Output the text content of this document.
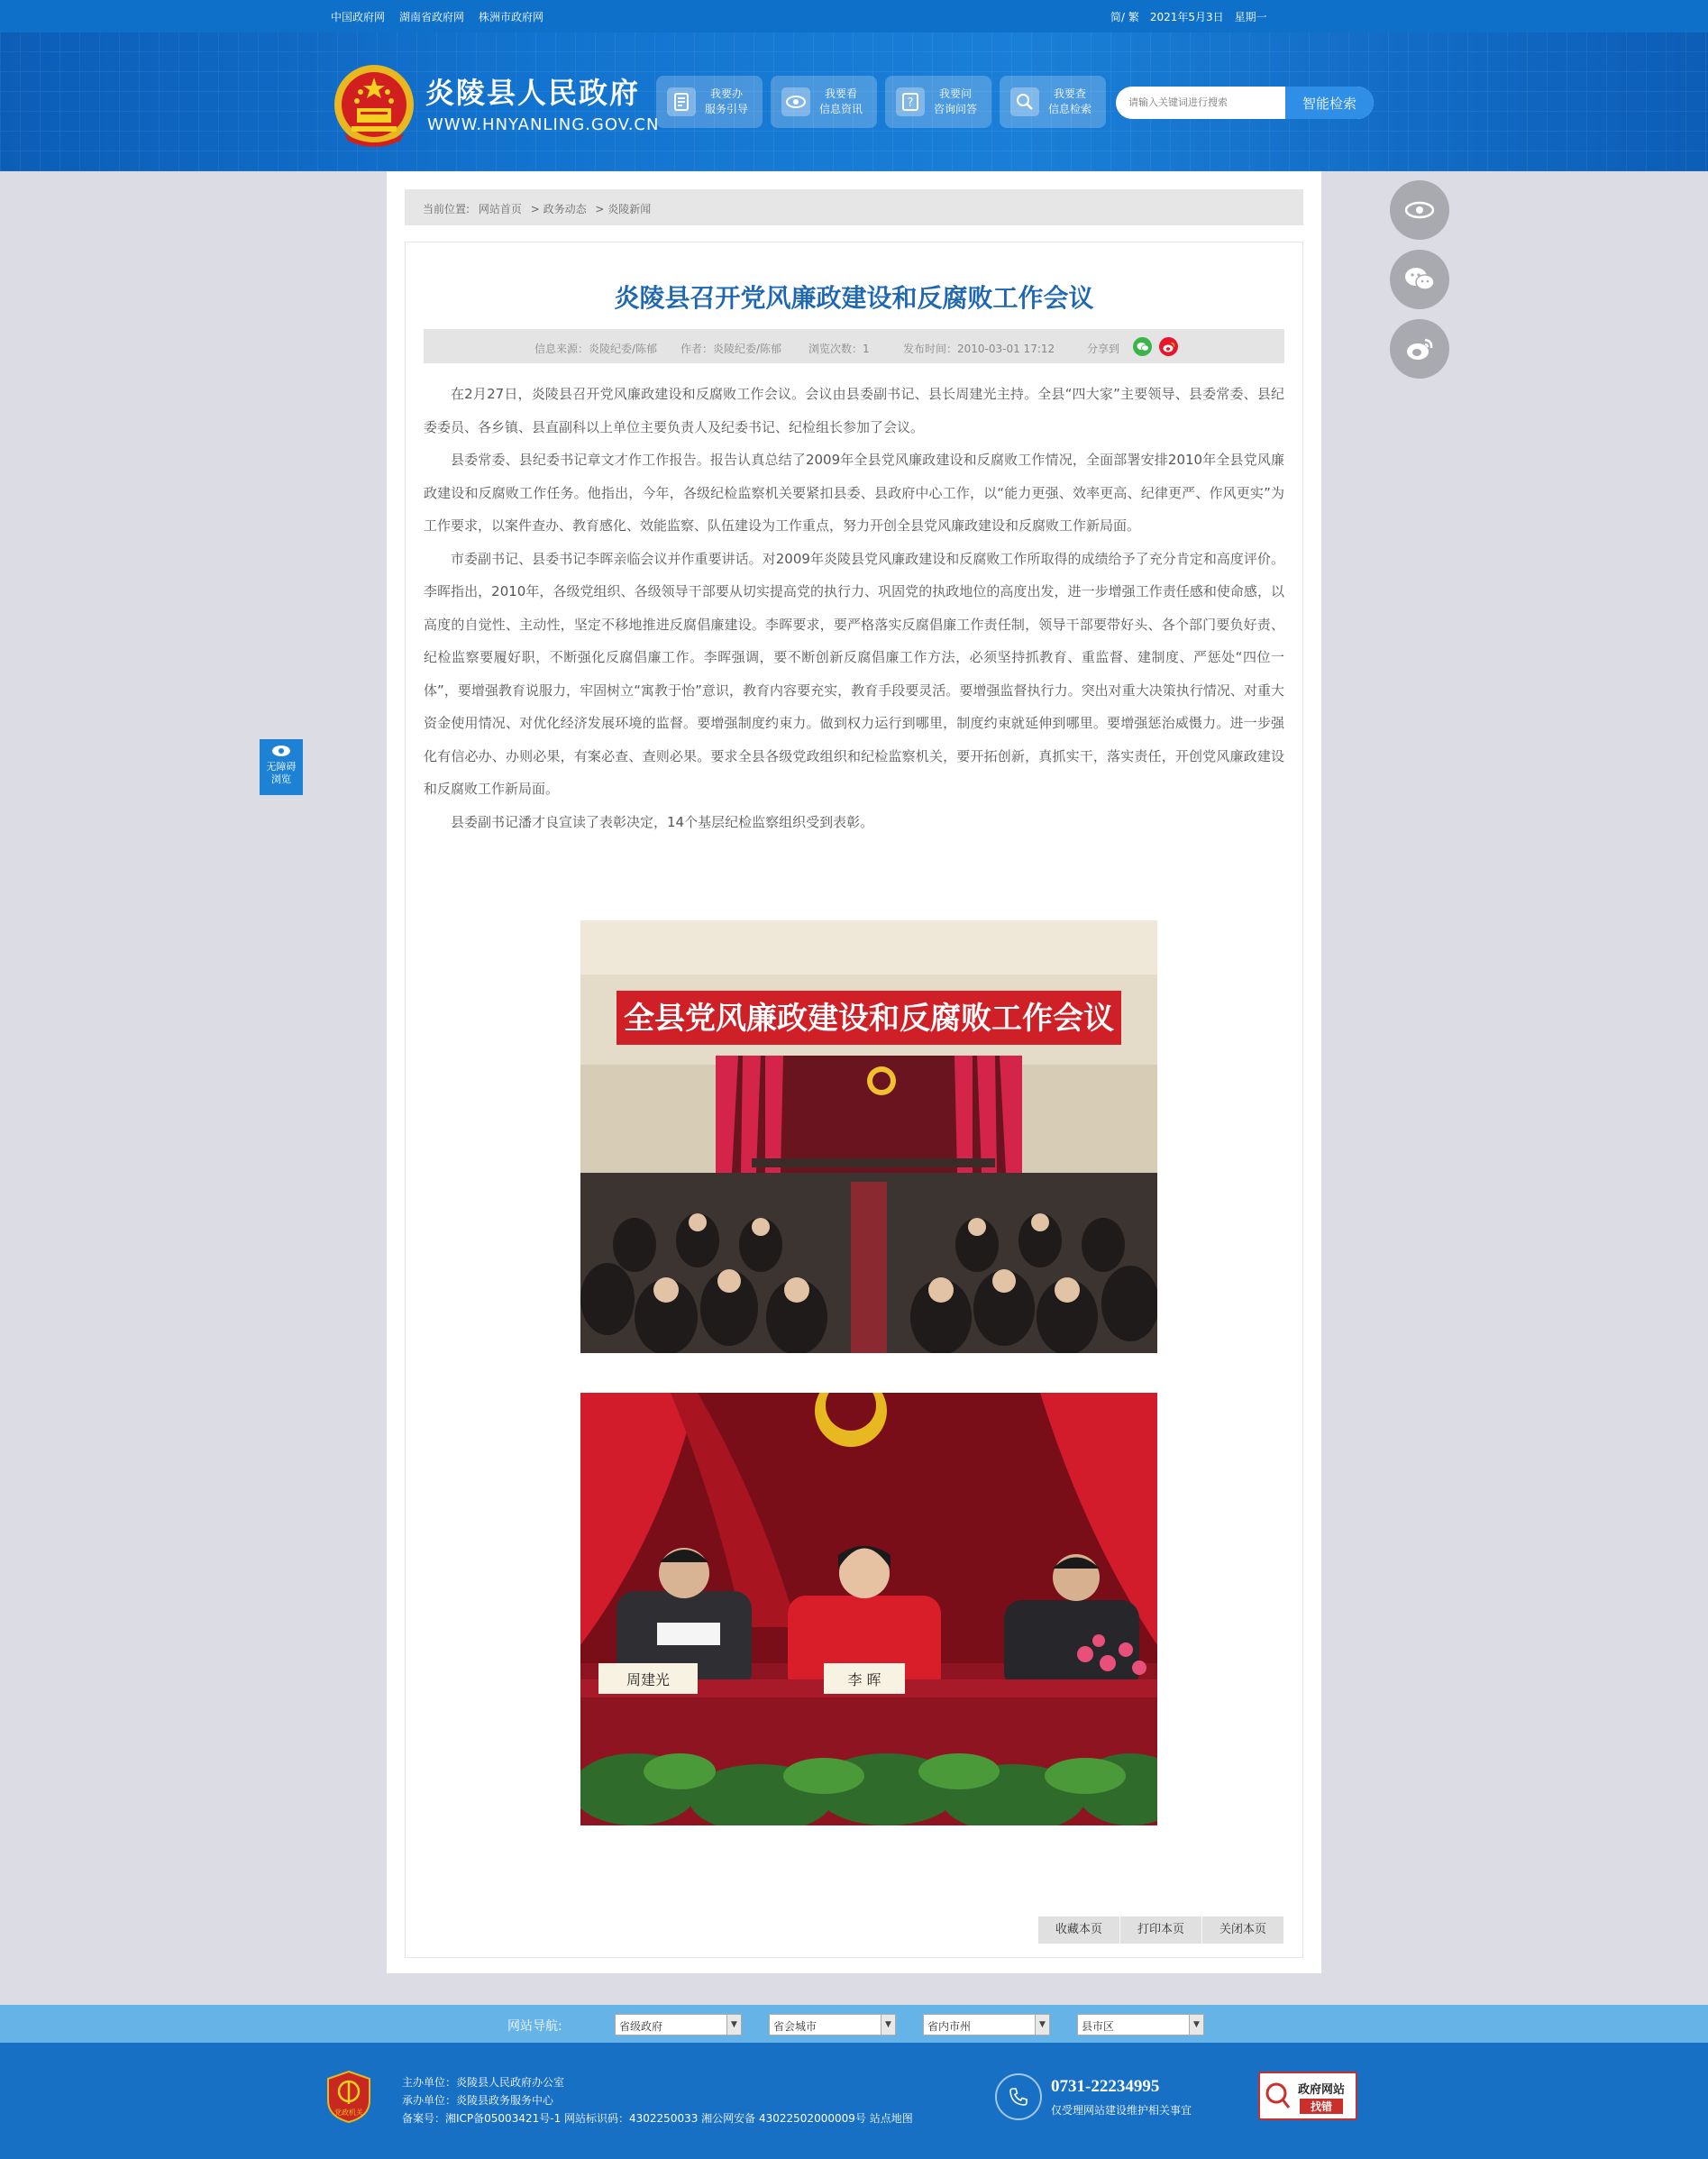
中国政府网 湖南省政府网 株洲市政府网	简/ 繁 2021年5月3日 星期一
炎陵县人民政府
WWW.HNYANLING.GOV.CN
我要办
服务引导
我要看
信息资讯	?
我要问
咨询问答
我要查
信息检索
请输入关键词进行搜索	智能检索
无障碍
浏览
当前位置: 网站首页 > 政务动态 > 炎陵新闻
炎陵县召开党风廉政建设和反腐败工作会议
信息来源：炎陵纪委/陈郁 作者：炎陵纪委/陈郁 浏览次数：1	发布时间：2010-03-01 17:12	分享到

在2月27日，炎陵县召开党风廉政建设和反腐败工作会议。会议由县委副书记、县长周建光主持。全县“四大家”主要领导、县委常委、县纪委委员、各乡镇、县直副科以上单位主要负责人及纪委书记、纪检组长参加了会议。

县委常委、县纪委书记章文才作工作报告。报告认真总结了2009年全县党风廉政建设和反腐败工作情况，全面部署安排2010年全县党风廉政建设和反腐败工作任务。他指出，今年，各级纪检监察机关要紧扣县委、县政府中心工作，以“能力更强、效率更高、纪律更严、作风更实”为工作要求，以案件查办、教育感化、效能监察、队伍建设为工作重点，努力开创全县党风廉政建设和反腐败工作新局面。

市委副书记、县委书记李晖亲临会议并作重要讲话。对2009年炎陵县党风廉政建设和反腐败工作所取得的成绩给予了充分肯定和高度评价。李晖指出，2010年，各级党组织、各级领导干部要从切实提高党的执行力、巩固党的执政地位的高度出发，进一步增强工作责任感和使命感，以高度的自觉性、主动性，坚定不移地推进反腐倡廉建设。李晖要求，要严格落实反腐倡廉工作责任制，领导干部要带好头、各个部门要负好责、纪检监察要履好职，不断强化反腐倡廉工作。李晖强调，要不断创新反腐倡廉工作方法，必须坚持抓教育、重监督、建制度、严惩处“四位一体”，要增强教育说服力，牢固树立“寓教于怡”意识，教育内容要充实，教育手段要灵活。要增强监督执行力。突出对重大决策执行情况、对重大资金使用情况、对优化经济发展环境的监督。要增强制度约束力。做到权力运行到哪里，制度约束就延伸到哪里。要增强惩治威慑力。进一步强化有信必办、办则必果，有案必查、查则必果。要求全县各级党政组织和纪检监察机关，要开拓创新，真抓实干，落实责任，开创党风廉政建设和反腐败工作新局面。

县委副书记潘才良宣读了表彰决定，14个基层纪检监察组织受到表彰。

全县党风廉政建设和反腐败工作会议
周建光	李 晖
收藏本页	打印本页	关闭本页
网站导航:	省级政府	▼	省会城市	▼	省内市州	▼	县市区	▼
党政机关
主办单位：炎陵县人民政府办公室
承办单位：炎陵县政务服务中心
备案号：湘ICP备05003421号-1 网站标识码：4302250033 湘公网安备 43022502000009号 站点地图
0731-22234995
仅受理网站建设维护相关事宜
政府网站
找错
